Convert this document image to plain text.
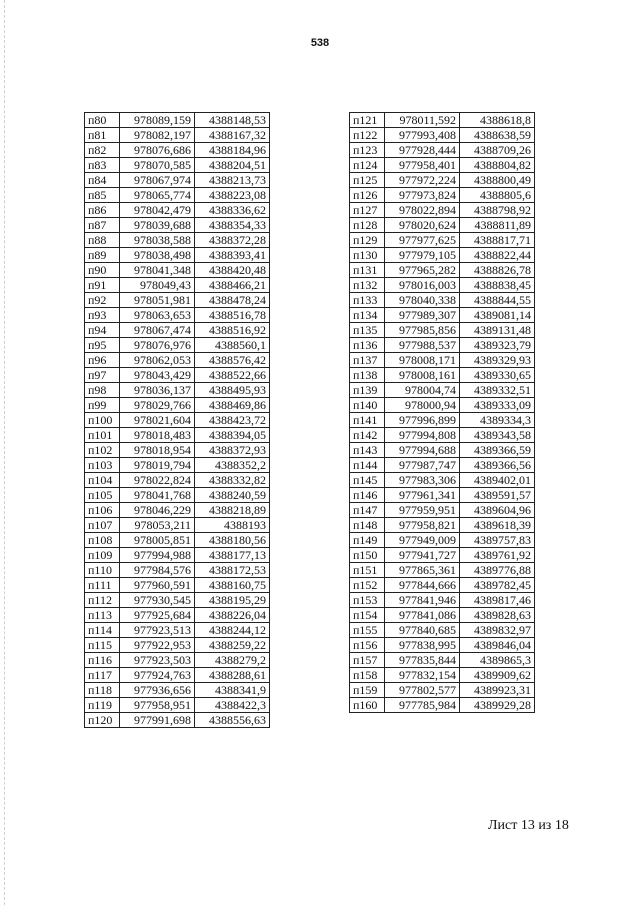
538
п80	978089,159	4388148,53
п81	978082,197	4388167,32
п82	978076,686	4388184,96
п83	978070,585	4388204,51
п84	978067,974	4388213,73
п85	978065,774	4388223,08
п86	978042,479	4388336,62
п87	978039,688	4388354,33
п88	978038,588	4388372,28
п89	978038,498	4388393,41
п90	978041,348	4388420,48
п91	978049,43	4388466,21
п92	978051,981	4388478,24
п93	978063,653	4388516,78
п94	978067,474	4388516,92
п95	978076,976	4388560,1
п96	978062,053	4388576,42
п97	978043,429	4388522,66
п98	978036,137	4388495,93
п99	978029,766	4388469,86
п100	978021,604	4388423,72
п101	978018,483	4388394,05
п102	978018,954	4388372,93
п103	978019,794	4388352,2
п104	978022,824	4388332,82
п105	978041,768	4388240,59
п106	978046,229	4388218,89
п107	978053,211	4388193
п108	978005,851	4388180,56
п109	977994,988	4388177,13
п110	977984,576	4388172,53
п111	977960,591	4388160,75
п112	977930,545	4388195,29
п113	977925,684	4388226,04
п114	977923,513	4388244,12
п115	977922,953	4388259,22
п116	977923,503	4388279,2
п117	977924,763	4388288,61
п118	977936,656	4388341,9
п119	977958,951	4388422,3
п120	977991,698	4388556,63
п121	978011,592	4388618,8
п122	977993,408	4388638,59
п123	977928,444	4388709,26
п124	977958,401	4388804,82
п125	977972,224	4388800,49
п126	977973,824	4388805,6
п127	978022,894	4388798,92
п128	978020,624	4388811,89
п129	977977,625	4388817,71
п130	977979,105	4388822,44
п131	977965,282	4388826,78
п132	978016,003	4388838,45
п133	978040,338	4388844,55
п134	977989,307	4389081,14
п135	977985,856	4389131,48
п136	977988,537	4389323,79
п137	978008,171	4389329,93
п138	978008,161	4389330,65
п139	978004,74	4389332,51
п140	978000,94	4389333,09
п141	977996,899	4389334,3
п142	977994,808	4389343,58
п143	977994,688	4389366,59
п144	977987,747	4389366,56
п145	977983,306	4389402,01
п146	977961,341	4389591,57
п147	977959,951	4389604,96
п148	977958,821	4389618,39
п149	977949,009	4389757,83
п150	977941,727	4389761,92
п151	977865,361	4389776,88
п152	977844,666	4389782,45
п153	977841,946	4389817,46
п154	977841,086	4389828,63
п155	977840,685	4389832,97
п156	977838,995	4389846,04
п157	977835,844	4389865,3
п158	977832,154	4389909,62
п159	977802,577	4389923,31
п160	977785,984	4389929,28
Лист 13 из 18
